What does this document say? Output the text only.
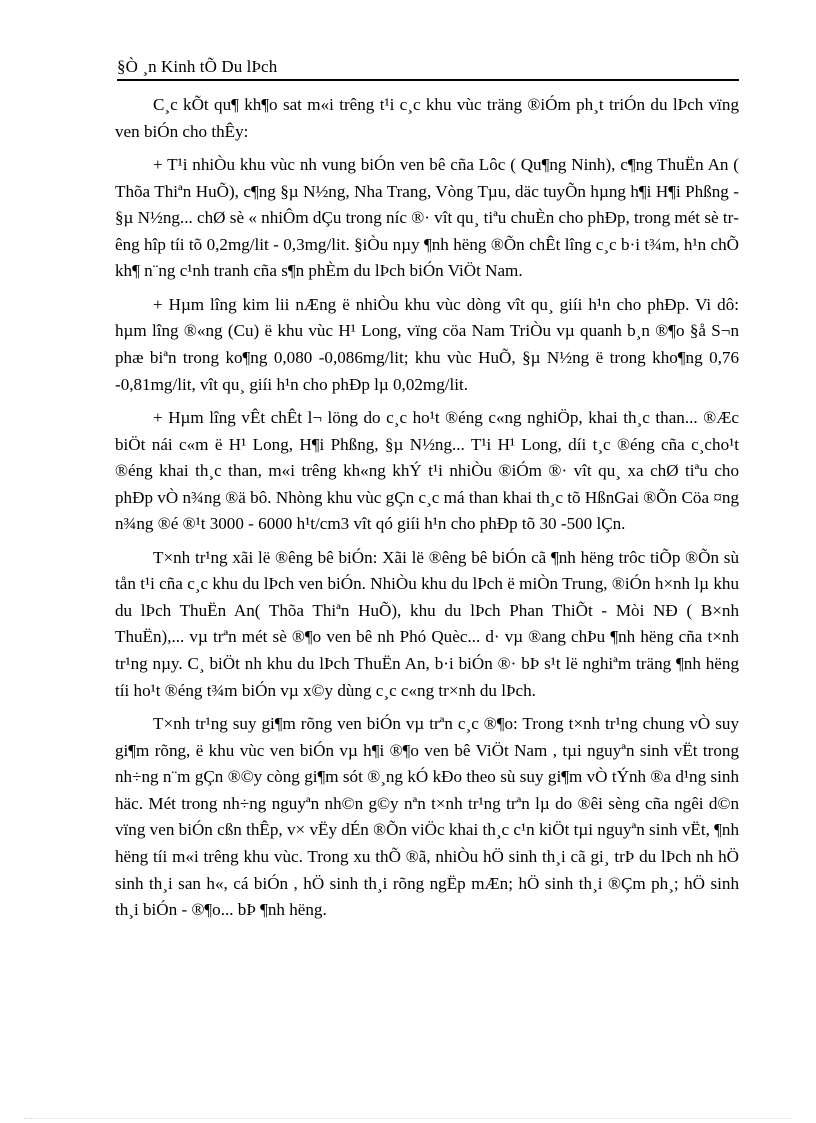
§Ò ¸n Kinh tÕ Du lÞch

C¸c kÕt qu¶ kh¶o sat m«i trêng t¹i c¸c khu vùc träng ®iÓm ph¸t triÓn du lÞch vïng ven biÓn cho thÊy:

+ T¹i nhiÒu khu vùc nh vung biÓn ven bê cña Lôc ( Qu¶ng Ninh), c¶ng ThuËn An ( Thõa Thiªn HuÕ), c¶ng §µ N½ng, Nha Trang, Vòng Tµu, däc tuyÕn hµng h¶i H¶i Phßng - §µ N½ng... chØ sè « nhiÔm dÇu trong níc ®· vît qu¸ tiªu chuÈn cho phÐp, trong mét sè trêng hîp tíi tõ 0,2mg/lit - 0,3mg/lit. §iÒu nµy ¶nh hëng ®Õn chÊt lîng c¸c b·i t¾m, h¹n chÕ kh¶ n¨ng c¹nh tranh cña s¶n phÈm du lÞch biÓn ViÖt Nam.

+ Hµm lîng kim lii nÆng ë nhiÒu khu vùc dòng vît qu¸ giíi h¹n cho phÐp. Vi dô: hµm lîng ®«ng (Cu) ë khu vùc H¹ Long, vïng cöa Nam TriÒu vµ quanh b¸n ®¶o §å S¬n phæ biªn trong ko¶ng 0,080 -0,086mg/lit; khu vùc HuÕ, §µ N½ng ë trong kho¶ng 0,76 -0,81mg/lit, vît qu¸ giíi h¹n cho phÐp lµ 0,02mg/lit.

+ Hµm lîng vÊt chÊt l¬ löng do c¸c ho¹t ®éng c«ng nghiÖp, khai th¸c than... ®Æc biÖt nái c«m ë H¹ Long, H¶i Phßng, §µ N½ng... T¹i H¹ Long, díi t¸c ®éng cña c¸cho¹t ®éng khai th¸c than, m«i trêng kh«ng khÝ t¹i nhiÒu ®iÓm ®· vît qu¸ xa chØ tiªu cho phÐp vÒ n¾ng ®ä bô. Nhòng khu vùc gÇn c¸c má than khai th¸c tõ HßnGai ®Õn Cöa ¤ng n¾ng ®é ®¹t 3000 - 6000 h¹t/cm3 vît qó giíi h¹n cho phÐp tõ 30 -500 lÇn.

T×nh tr¹ng xãi lë ®êng bê biÓn: Xãi lë ®êng bê biÓn cã ¶nh hëng trôc tiÕp ®Õn sù tån t¹i cña c¸c khu du lÞch ven biÓn. NhiÒu khu du lÞch ë miÒn Trung, ®iÓn h×nh lµ khu du lÞch ThuËn An( Thõa Thiªn HuÕ), khu du lÞch Phan ThiÕt - Mòi NÐ ( B×nh ThuËn),... vµ trªn mét sè ®¶o ven bê nh Phó Quèc... d· vµ ®ang chÞu ¶nh hëng cña t×nh tr¹ng nµy. C¸ biÖt nh khu du lÞch ThuËn An, b·i biÓn ®· bÞ s¹t lë nghiªm träng ¶nh hëng tíi ho¹t ®éng t¾m biÓn vµ x©y dùng c¸c c«ng tr×nh du lÞch.

T×nh tr¹ng suy gi¶m rõng ven biÓn vµ trªn c¸c ®¶o: Trong t×nh tr¹ng chung vÒ suy gi¶m rõng, ë khu vùc ven biÓn vµ h¶i ®¶o ven bê ViÖt Nam , tµi nguyªn sinh vËt trong nh÷ng n¨m gÇn ®©y còng gi¶m sót ®¸ng kÓ kÐo theo sù suy gi¶m vÒ tÝnh ®a d¹ng sinh häc. Mét trong nh÷ng nguyªn nh©n g©y nªn t×nh tr¹ng trªn lµ do ®êi sèng cña ngêi d©n vïng ven biÓn cßn thÊp, v× vËy dÉn ®Õn viÖc khai th¸c c¹n kiÖt tµi nguyªn sinh vËt, ¶nh hëng tíi m«i trêng khu vùc. Trong xu thÕ ®ã, nhiÒu hÖ sinh th¸i cã gi¸ trÞ du lÞch nh hÖ sinh th¸i san h«, cá biÓn , hÖ sinh th¸i rõng ngËp mÆn; hÖ sinh th¸i ®Çm ph¸; hÖ sinh th¸i biÓn - ®¶o... bÞ ¶nh hëng.
